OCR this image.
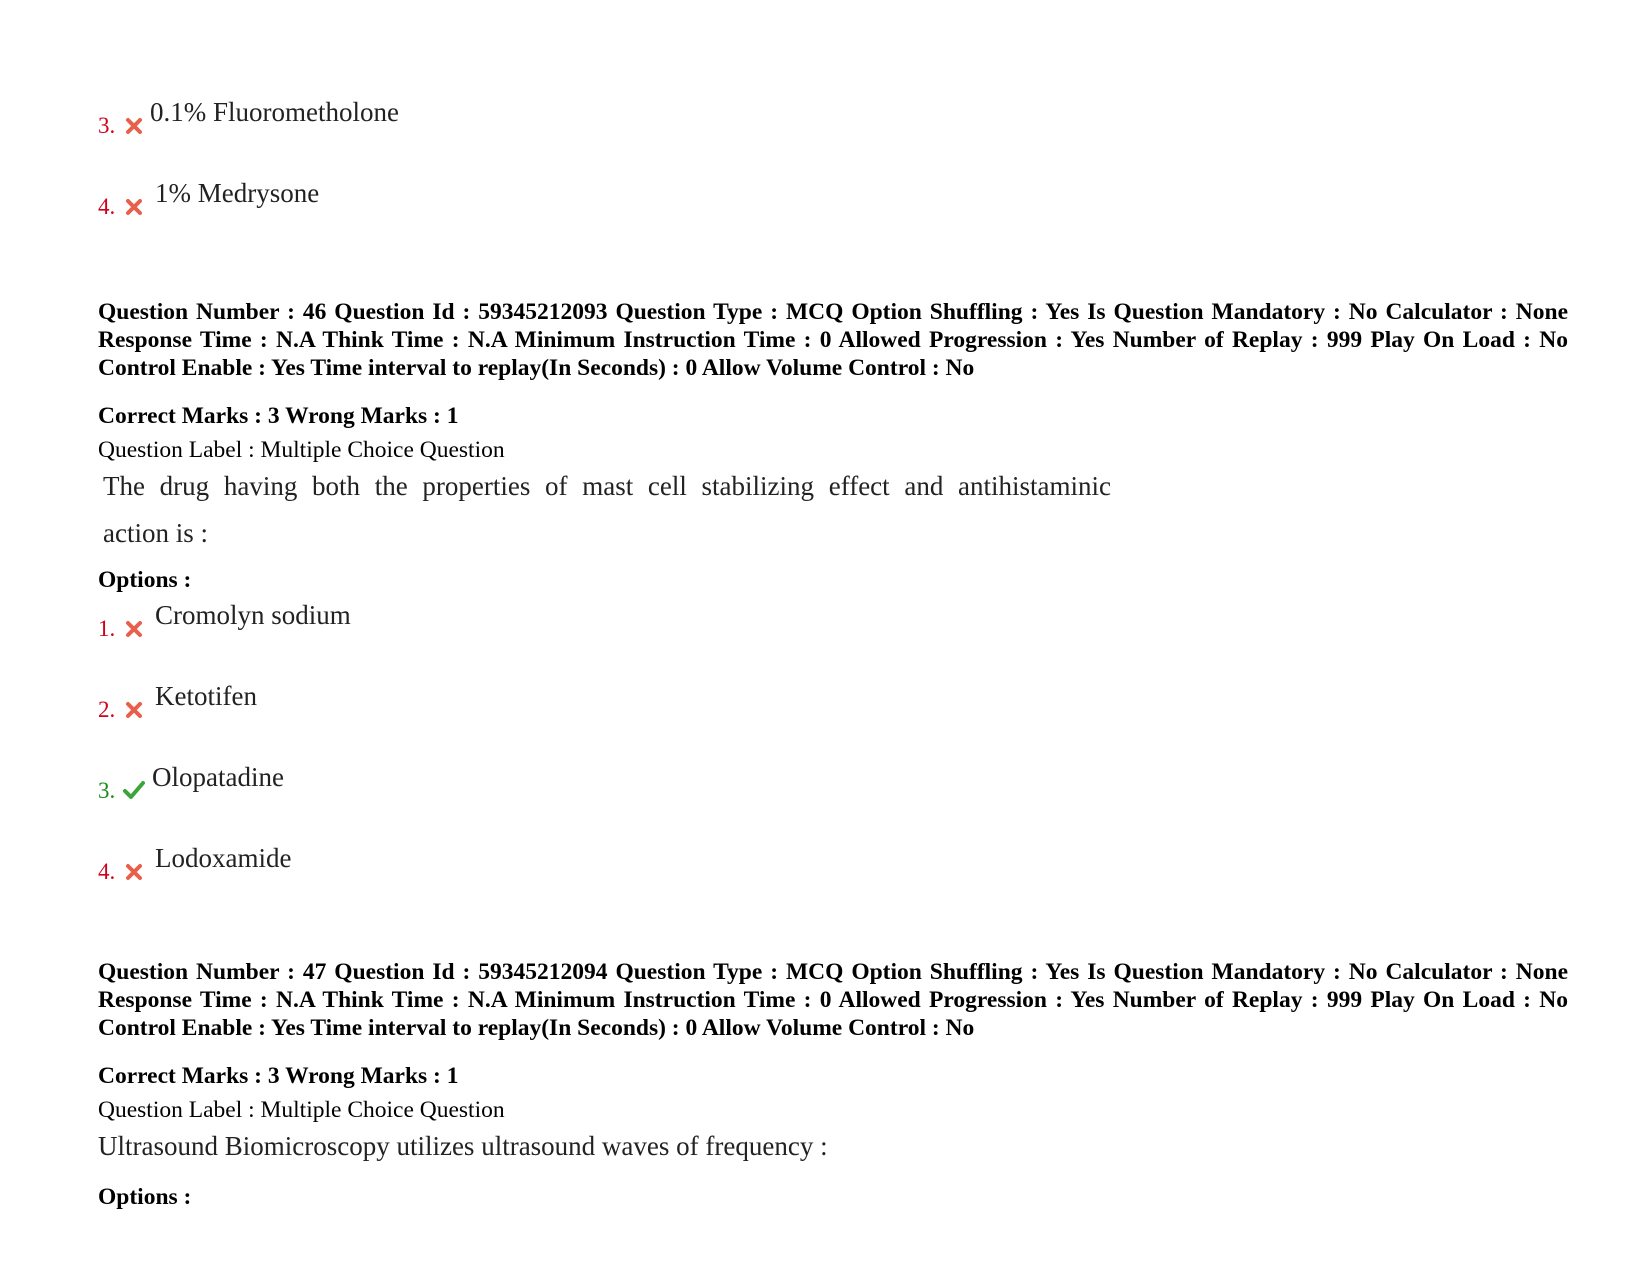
3. 0.1% Fluorometholone
4. 1% Medrysone

Question Number : 46 Question Id : 59345212093 Question Type : MCQ Option Shuffling : Yes Is Question Mandatory : No Calculator : None Response Time : N.A Think Time : N.A Minimum Instruction Time : 0 Allowed Progression : Yes Number of Replay : 999 Play On Load : No Control Enable : Yes Time interval to replay(In Seconds) : 0 Allow Volume Control : No

Correct Marks : 3 Wrong Marks : 1
Question Label : Multiple Choice Question
The drug having both the properties of mast cell stabilizing effect and antihistaminic
action is :
Options :
1. Cromolyn sodium
2. Ketotifen
3. Olopatadine
4. Lodoxamide

Question Number : 47 Question Id : 59345212094 Question Type : MCQ Option Shuffling : Yes Is Question Mandatory : No Calculator : None Response Time : N.A Think Time : N.A Minimum Instruction Time : 0 Allowed Progression : Yes Number of Replay : 999 Play On Load : No Control Enable : Yes Time interval to replay(In Seconds) : 0 Allow Volume Control : No

Correct Marks : 3 Wrong Marks : 1
Question Label : Multiple Choice Question
Ultrasound Biomicroscopy utilizes ultrasound waves of frequency :
Options :
